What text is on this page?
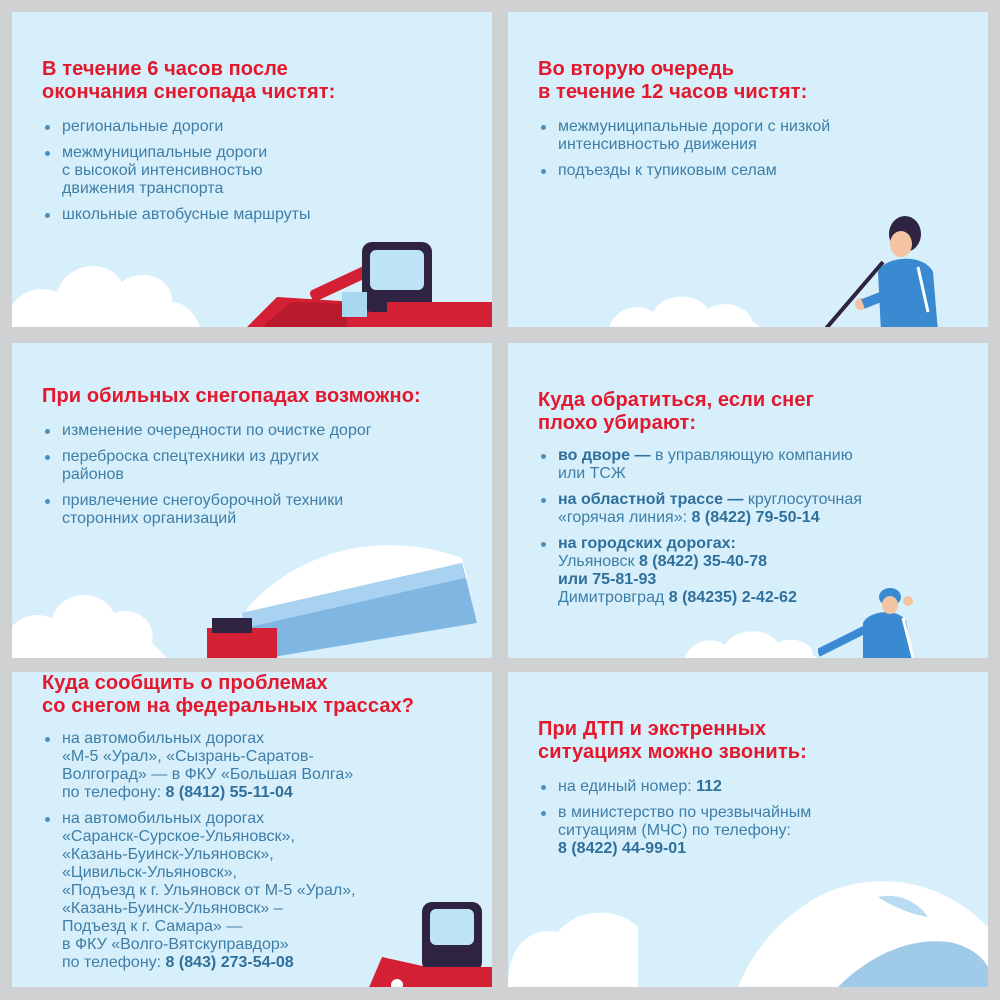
В течение 6 часов после
окончания снегопада чистят:
региональные дороги
межмуниципальные дороги
с высокой интенсивностью
движения транспорта
школьные автобусные маршруты
Во вторую очередь
в течение 12 часов чистят:
межмуниципальные дороги с низкой
интенсивностью движения
подъезды к тупиковым селам
При обильных снегопадах возможно:
изменение очередности по очистке дорог
переброска спецтехники из других
районов
привлечение снегоуборочной техники
сторонних организаций
Куда обратиться, если снег
плохо убирают:
во дворе — в управляющую компанию
или ТСЖ
на областной трассе — круглосуточная
«горячая линия»: 8 (8422) 79-50-14
на городских дорогах:
Ульяновск 8 (8422) 35-40-78
или 75-81-93
Димитровград 8 (84235) 2-42-62
Куда сообщить о проблемах
со снегом на федеральных трассах?
на автомобильных дорогах
«М-5 «Урал», «Сызрань-Саратов-
Волгоград» — в ФКУ «Большая Волга»
по телефону: 8 (8412) 55-11-04
на автомобильных дорогах
«Саранск-Сурское-Ульяновск»,
«Казань-Буинск-Ульяновск»,
«Цивильск-Ульяновск»,
«Подъезд к г. Ульяновск от М-5 «Урал»,
«Казань-Буинск-Ульяновск» –
Подъезд к г. Самара» —
в ФКУ «Волго-Вятскуправдор»
по телефону: 8 (843) 273-54-08
При ДТП и экстренных
ситуациях можно звонить:
на единый номер: 112
в министерство по чрезвычайным
ситуациям (МЧС) по телефону:
8 (8422) 44-99-01
